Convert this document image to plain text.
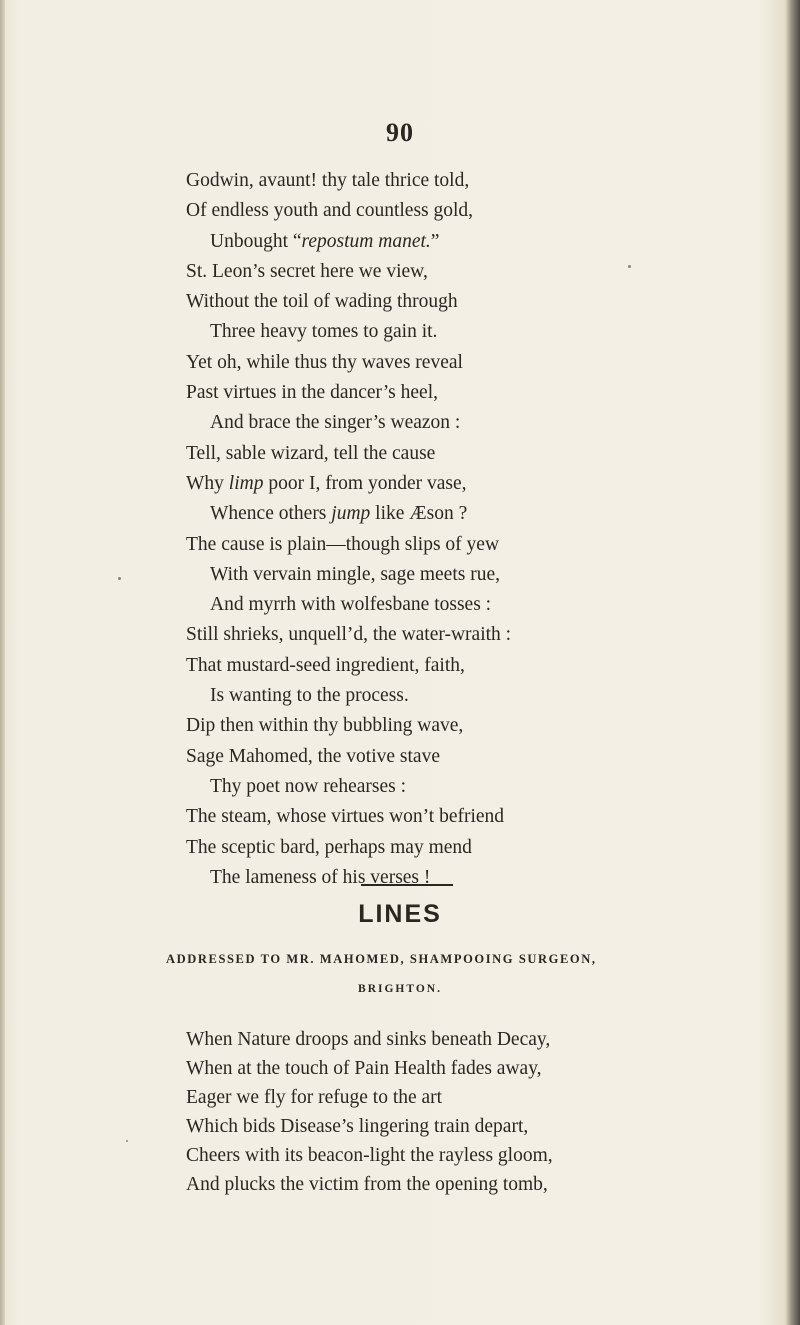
90
Godwin, avaunt! thy tale thrice told,
Of endless youth and countless gold,
Unbought “repostum manet.”
St. Leon’s secret here we view,
Without the toil of wading through
Three heavy tomes to gain it.
Yet oh, while thus thy waves reveal
Past virtues in the dancer’s heel,
And brace the singer’s weazon :
Tell, sable wizard, tell the cause
Why limp poor I, from yonder vase,
Whence others jump like Æson ?
The cause is plain—though slips of yew
With vervain mingle, sage meets rue,
And myrrh with wolfesbane tosses :
Still shrieks, unquell’d, the water-wraith :
That mustard-seed ingredient, faith,
Is wanting to the process.
Dip then within thy bubbling wave,
Sage Mahomed, the votive stave
Thy poet now rehearses :
The steam, whose virtues won’t befriend
The sceptic bard, perhaps may mend
The lameness of his verses !
LINES
ADDRESSED TO MR. MAHOMED, SHAMPOOING SURGEON,
BRIGHTON.
When Nature droops and sinks beneath Decay,
When at the touch of Pain Health fades away,
Eager we fly for refuge to the art
Which bids Disease’s lingering train depart,
Cheers with its beacon-light the rayless gloom,
And plucks the victim from the opening tomb,
